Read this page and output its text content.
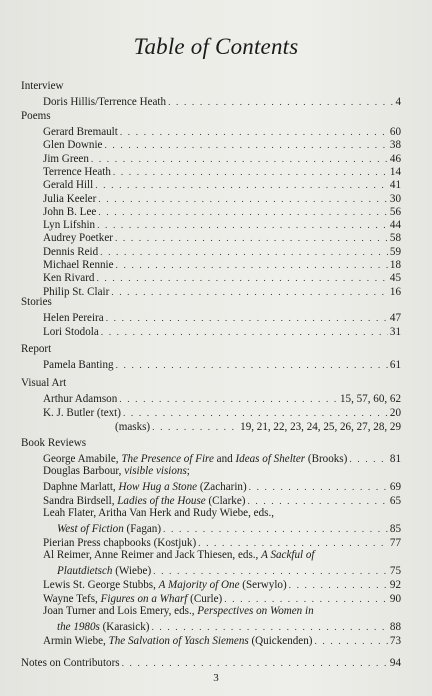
Table of Contents
Interview
Doris Hillis/Terrence Heath . . .	4
Poems
Gerard Bremault . . .	60
Glen Downie . . .	38
Jim Green . . .	46
Terrence Heath . . .	14
Gerald Hill . . .	41
Julia Keeler . . .	30
John B. Lee . . .	56
Lyn Lifshin . . .	44
Audrey Poetker . . .	58
Dennis Reid . . .	59
Michael Rennie . . .	18
Ken Rivard . . .	45
Philip St. Clair . . .	16
Stories
Helen Pereira . . .	47
Lori Stodola . . .	31
Report
Pamela Banting . . .	61
Visual Art
Arthur Adamson . . .	15, 57, 60, 62
K. J. Butler (text) . . .	20
(masks) . . .	19, 21, 22, 23, 24, 25, 26, 27, 28, 29
Book Reviews
George Amabile, The Presence of Fire and Ideas of Shelter (Brooks) . . .	81
Douglas Barbour, visible visions;
Daphne Marlatt, How Hug a Stone (Zacharin) . . .	69
Sandra Birdsell, Ladies of the House (Clarke) . . .	65
Leah Flater, Aritha Van Herk and Rudy Wiebe, eds.,
West of Fiction (Fagan) . . .	85
Pierian Press chapbooks (Kostjuk) . . .	77
Al Reimer, Anne Reimer and Jack Thiesen, eds., A Sackful of
Plautdietsch (Wiebe) . . .	75
Lewis St. George Stubbs, A Majority of One (Serwylo) . . .	92
Wayne Tefs, Figures on a Wharf (Curle) . . .	90
Joan Turner and Lois Emery, eds., Perspectives on Women in
the 1980s (Karasick) . . .	88
Armin Wiebe, The Salvation of Yasch Siemens (Quickenden) . . .	73
Notes on Contributors . . .	94
3
